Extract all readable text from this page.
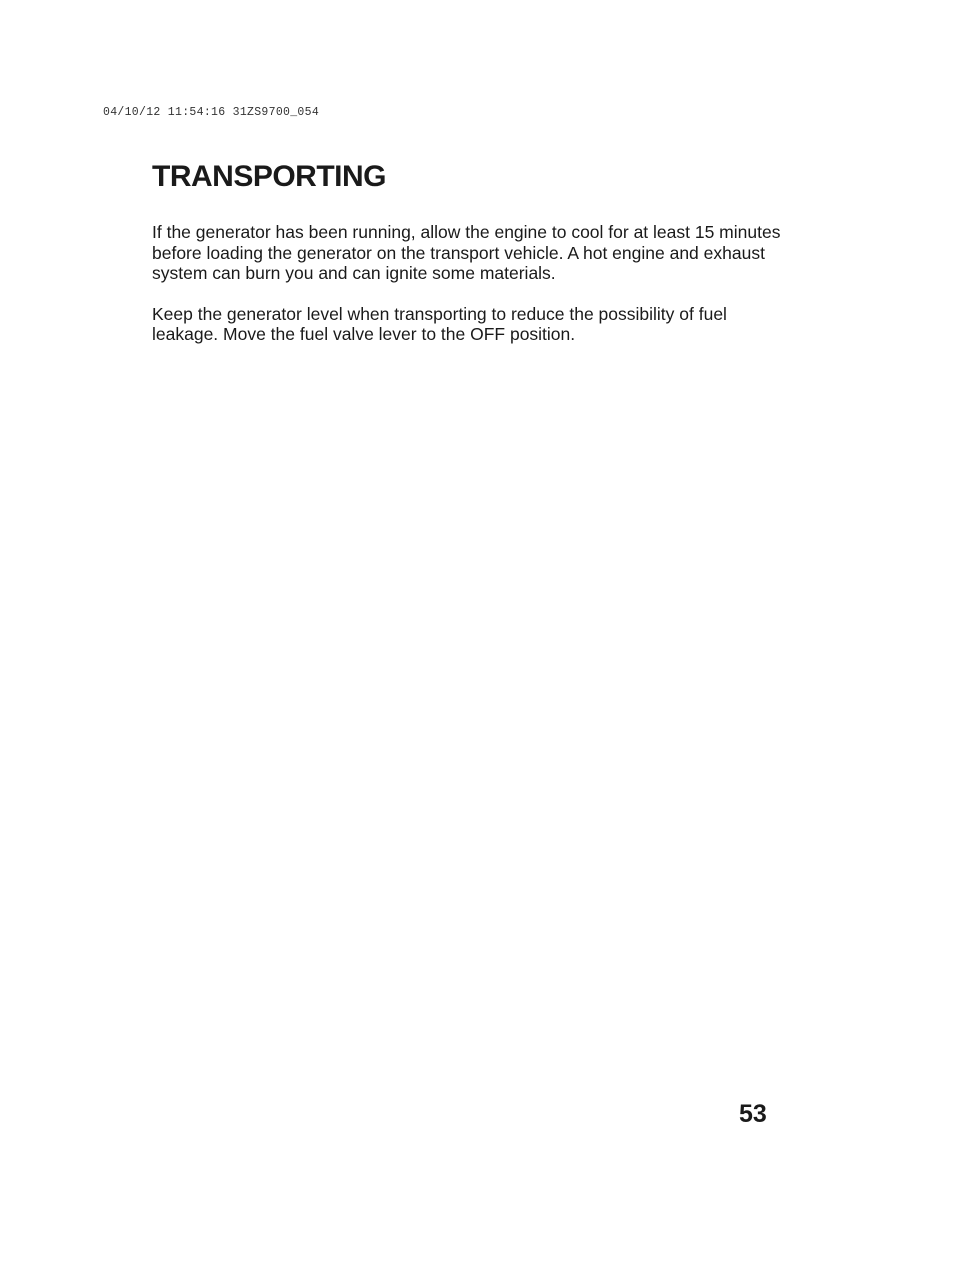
04/10/12 11:54:16 31ZS9700_054
TRANSPORTING

If the generator has been running, allow the engine to cool for at least 15 minutes before loading the generator on the transport vehicle. A hot engine and exhaust system can burn you and can ignite some materials.

Keep the generator level when transporting to reduce the possibility of fuel leakage. Move the fuel valve lever to the OFF position.

53
